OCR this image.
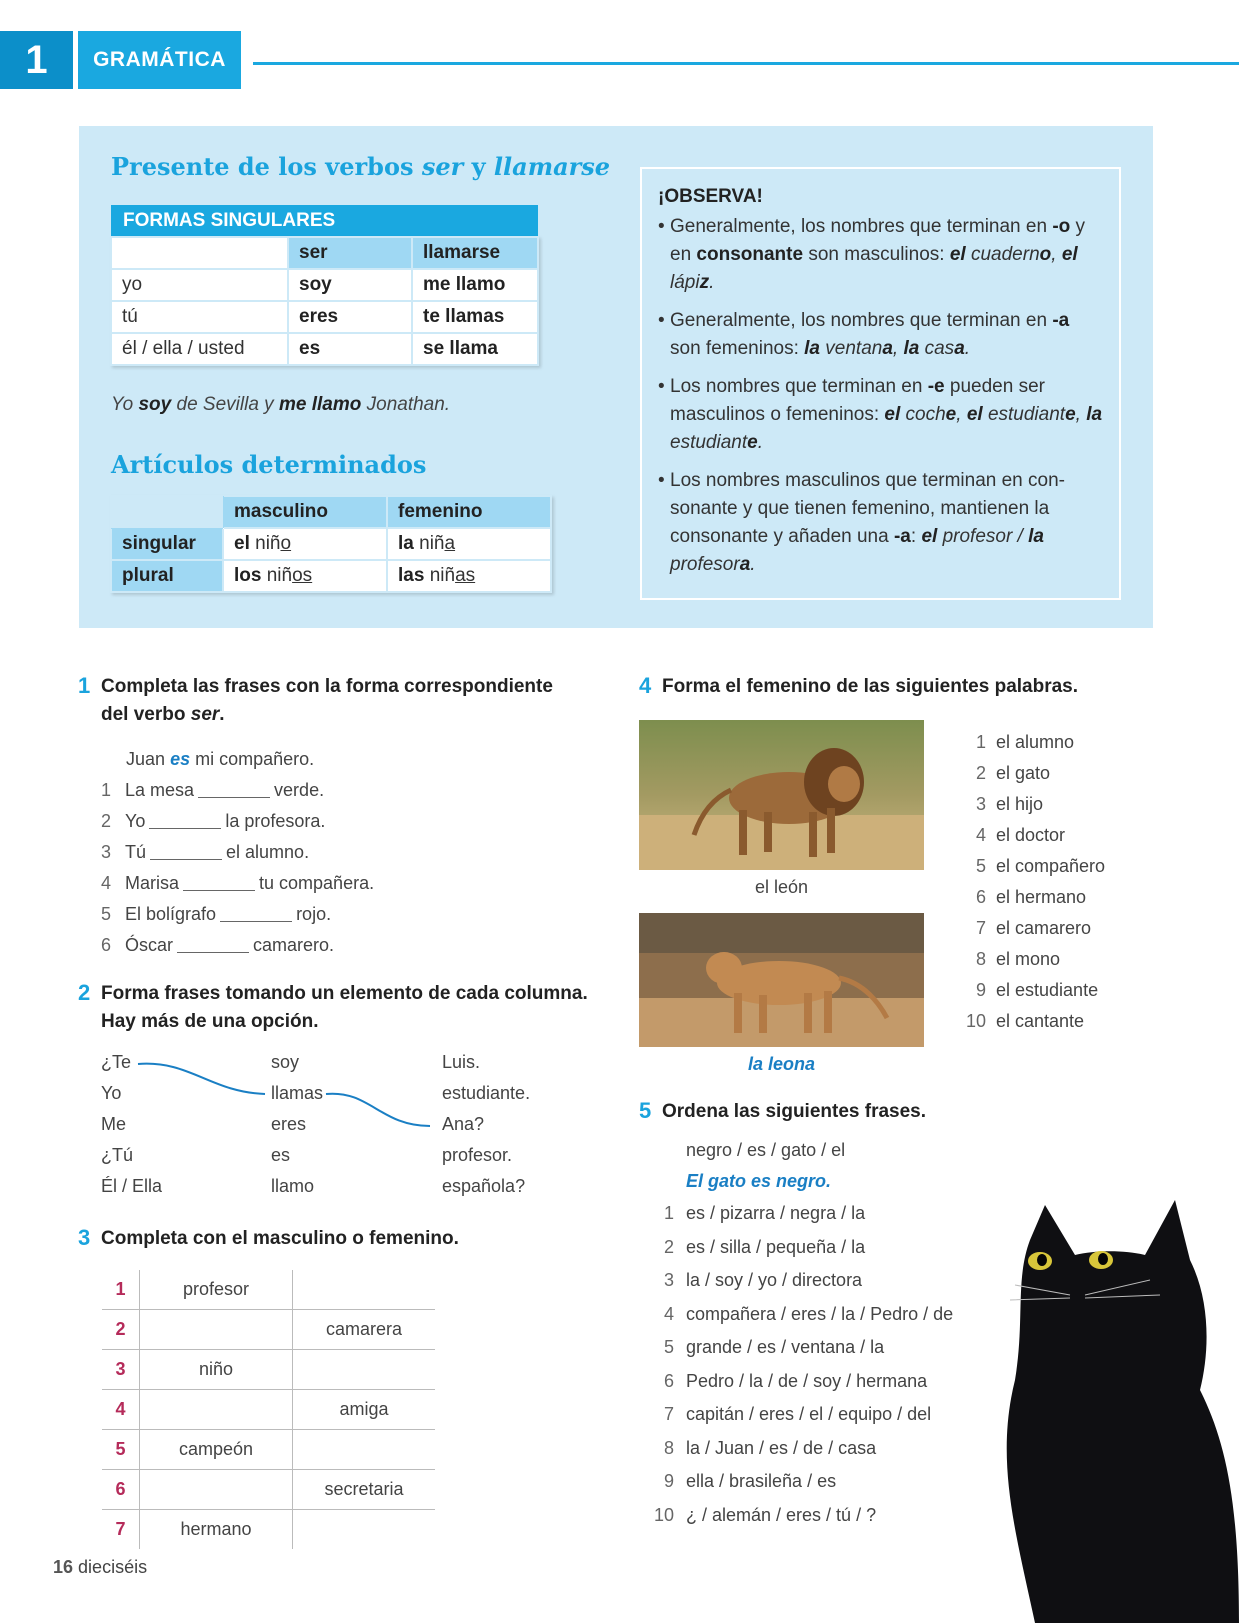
1	GRAMÁTICA
Presente de los verbos ser y llamarse
FORMAS SINGULARES
	ser	llamarse
yo	soy	me llamo
tú	eres	te llamas
él / ella / usted	es	se llama
Yo soy de Sevilla y me llamo Jonathan.
Artículos determinados
	masculino	femenino
singular	el niño	la niña
plural	los niños	las niñas
¡OBSERVA!
• Generalmente, los nombres que terminan en -o y en consonante son masculinos: el cuaderno, el lápiz.
• Generalmente, los nombres que terminan en -a son femeninos: la ventana, la casa.
• Los nombres que terminan en -e pueden ser masculinos o femeninos: el coche, el estudiante, la estudiante.
• Los nombres masculinos que terminan en con-sonante y que tienen femenino, mantienen la consonante y añaden una -a: el profesor / la profesora.
1 Completa las frases con la forma correspondiente del verbo ser.
Juan
es
mi compañero.
1 La mesa	verde.
2 Yo	la profesora.
3 Tú	el alumno.
4 Marisa	tu compañera.
5 El bolígrafo	rojo.
6 Óscar	camarero.
2 Forma frases tomando un elemento de cada columna. Hay más de una opción.
¿Te
Yo
Me
¿Tú
Él / Ella
soy
llamas
eres
es
llamo
Luis.
estudiante.
Ana?
profesor.
española?
3 Completa con el masculino o femenino.
1	profesor	
2		camarera
3	niño	
4		amiga
5	campeón	
6		secretaria
7	hermano	
4 Forma el femenino de las siguientes palabras.
el león
la leona
1 el alumno
2 el gato
3 el hijo
4 el doctor
5 el compañero
6 el hermano
7 el camarero
8 el mono
9 el estudiante
10 el cantante
5 Ordena las siguientes frases.
negro / es / gato / el
El gato es negro.
1 es / pizarra / negra / la
2 es / silla / pequeña / la
3 la / soy / yo / directora
4 compañera / eres / la / Pedro / de
5 grande / es / ventana / la
6 Pedro / la / de / soy / hermana
7 capitán / eres / el / equipo / del
8 la / Juan / es / de / casa
9 ella / brasileña / es
10 ¿ / alemán / eres / tú / ?
16 dieciséis
